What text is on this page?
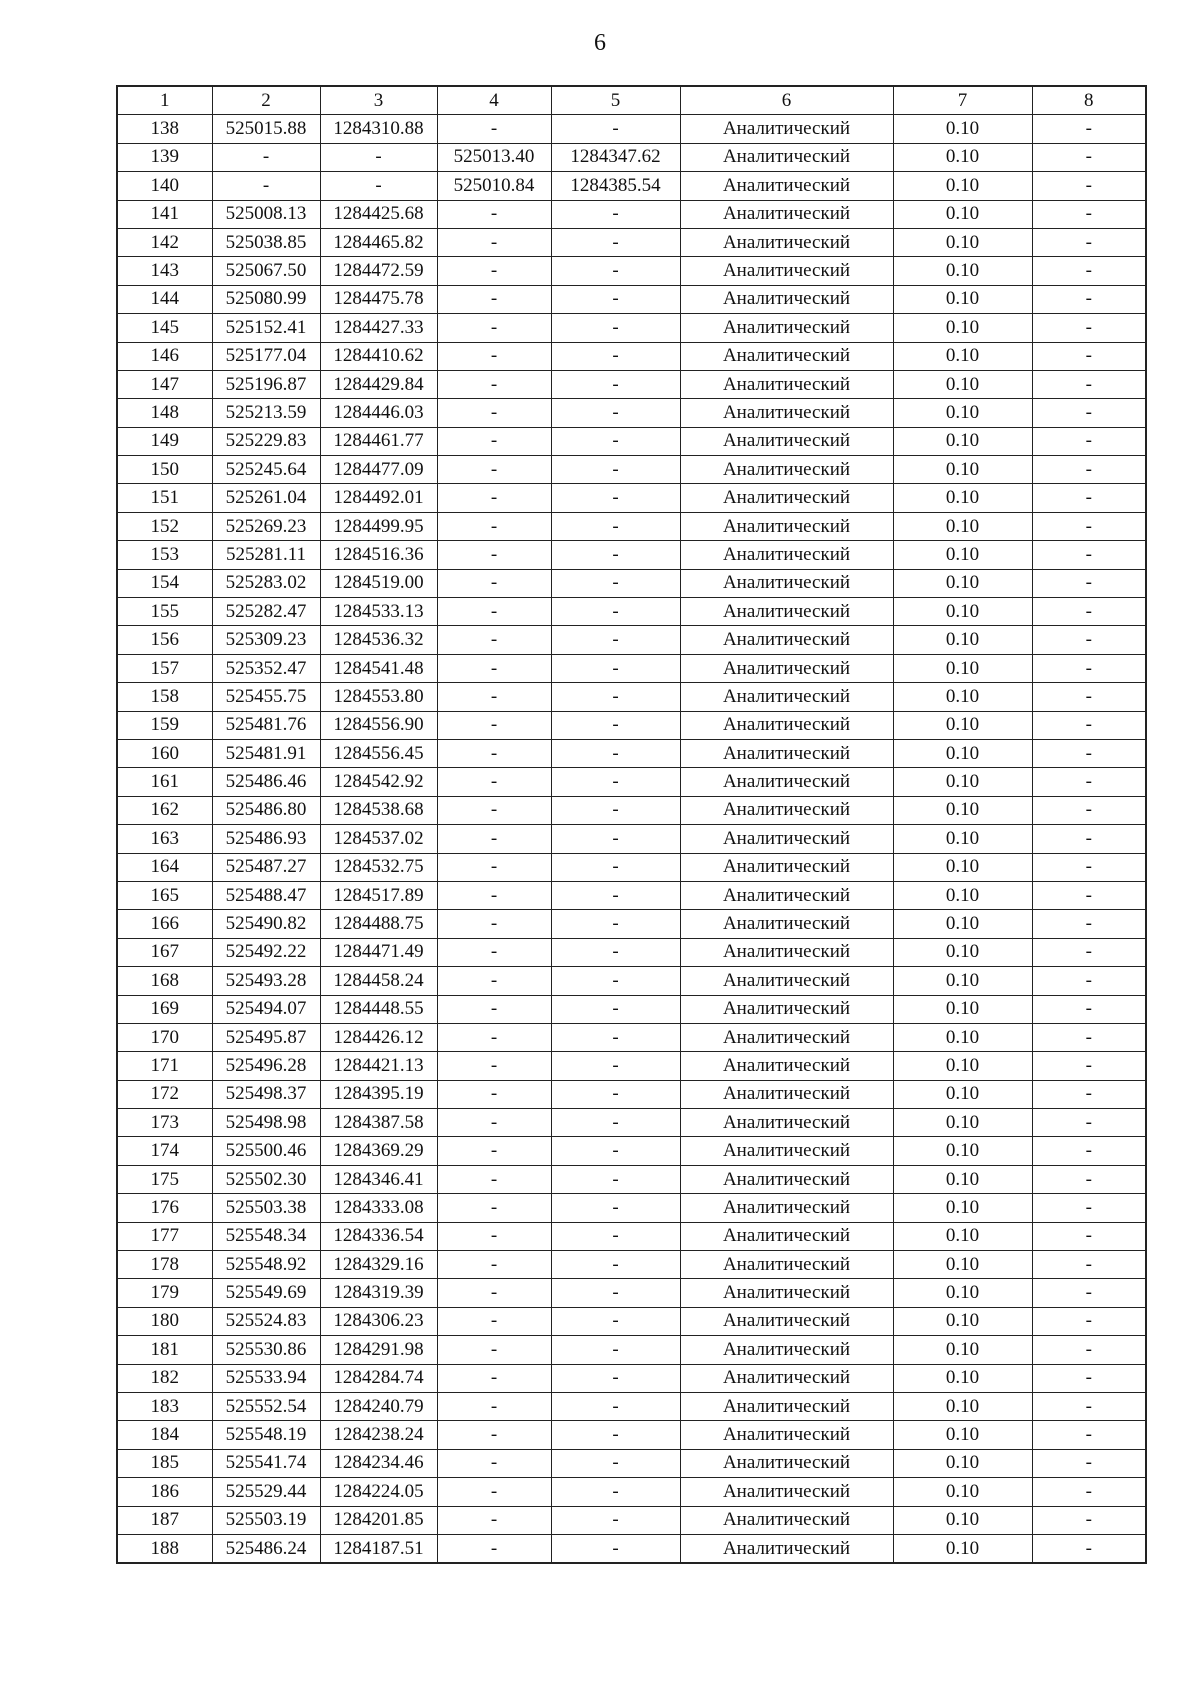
6
1	2	3	4	5	6	7	8
138	525015.88	1284310.88	-	-	Аналитический	0.10	-
139	-	-	525013.40	1284347.62	Аналитический	0.10	-
140	-	-	525010.84	1284385.54	Аналитический	0.10	-
141	525008.13	1284425.68	-	-	Аналитический	0.10	-
142	525038.85	1284465.82	-	-	Аналитический	0.10	-
143	525067.50	1284472.59	-	-	Аналитический	0.10	-
144	525080.99	1284475.78	-	-	Аналитический	0.10	-
145	525152.41	1284427.33	-	-	Аналитический	0.10	-
146	525177.04	1284410.62	-	-	Аналитический	0.10	-
147	525196.87	1284429.84	-	-	Аналитический	0.10	-
148	525213.59	1284446.03	-	-	Аналитический	0.10	-
149	525229.83	1284461.77	-	-	Аналитический	0.10	-
150	525245.64	1284477.09	-	-	Аналитический	0.10	-
151	525261.04	1284492.01	-	-	Аналитический	0.10	-
152	525269.23	1284499.95	-	-	Аналитический	0.10	-
153	525281.11	1284516.36	-	-	Аналитический	0.10	-
154	525283.02	1284519.00	-	-	Аналитический	0.10	-
155	525282.47	1284533.13	-	-	Аналитический	0.10	-
156	525309.23	1284536.32	-	-	Аналитический	0.10	-
157	525352.47	1284541.48	-	-	Аналитический	0.10	-
158	525455.75	1284553.80	-	-	Аналитический	0.10	-
159	525481.76	1284556.90	-	-	Аналитический	0.10	-
160	525481.91	1284556.45	-	-	Аналитический	0.10	-
161	525486.46	1284542.92	-	-	Аналитический	0.10	-
162	525486.80	1284538.68	-	-	Аналитический	0.10	-
163	525486.93	1284537.02	-	-	Аналитический	0.10	-
164	525487.27	1284532.75	-	-	Аналитический	0.10	-
165	525488.47	1284517.89	-	-	Аналитический	0.10	-
166	525490.82	1284488.75	-	-	Аналитический	0.10	-
167	525492.22	1284471.49	-	-	Аналитический	0.10	-
168	525493.28	1284458.24	-	-	Аналитический	0.10	-
169	525494.07	1284448.55	-	-	Аналитический	0.10	-
170	525495.87	1284426.12	-	-	Аналитический	0.10	-
171	525496.28	1284421.13	-	-	Аналитический	0.10	-
172	525498.37	1284395.19	-	-	Аналитический	0.10	-
173	525498.98	1284387.58	-	-	Аналитический	0.10	-
174	525500.46	1284369.29	-	-	Аналитический	0.10	-
175	525502.30	1284346.41	-	-	Аналитический	0.10	-
176	525503.38	1284333.08	-	-	Аналитический	0.10	-
177	525548.34	1284336.54	-	-	Аналитический	0.10	-
178	525548.92	1284329.16	-	-	Аналитический	0.10	-
179	525549.69	1284319.39	-	-	Аналитический	0.10	-
180	525524.83	1284306.23	-	-	Аналитический	0.10	-
181	525530.86	1284291.98	-	-	Аналитический	0.10	-
182	525533.94	1284284.74	-	-	Аналитический	0.10	-
183	525552.54	1284240.79	-	-	Аналитический	0.10	-
184	525548.19	1284238.24	-	-	Аналитический	0.10	-
185	525541.74	1284234.46	-	-	Аналитический	0.10	-
186	525529.44	1284224.05	-	-	Аналитический	0.10	-
187	525503.19	1284201.85	-	-	Аналитический	0.10	-
188	525486.24	1284187.51	-	-	Аналитический	0.10	-
